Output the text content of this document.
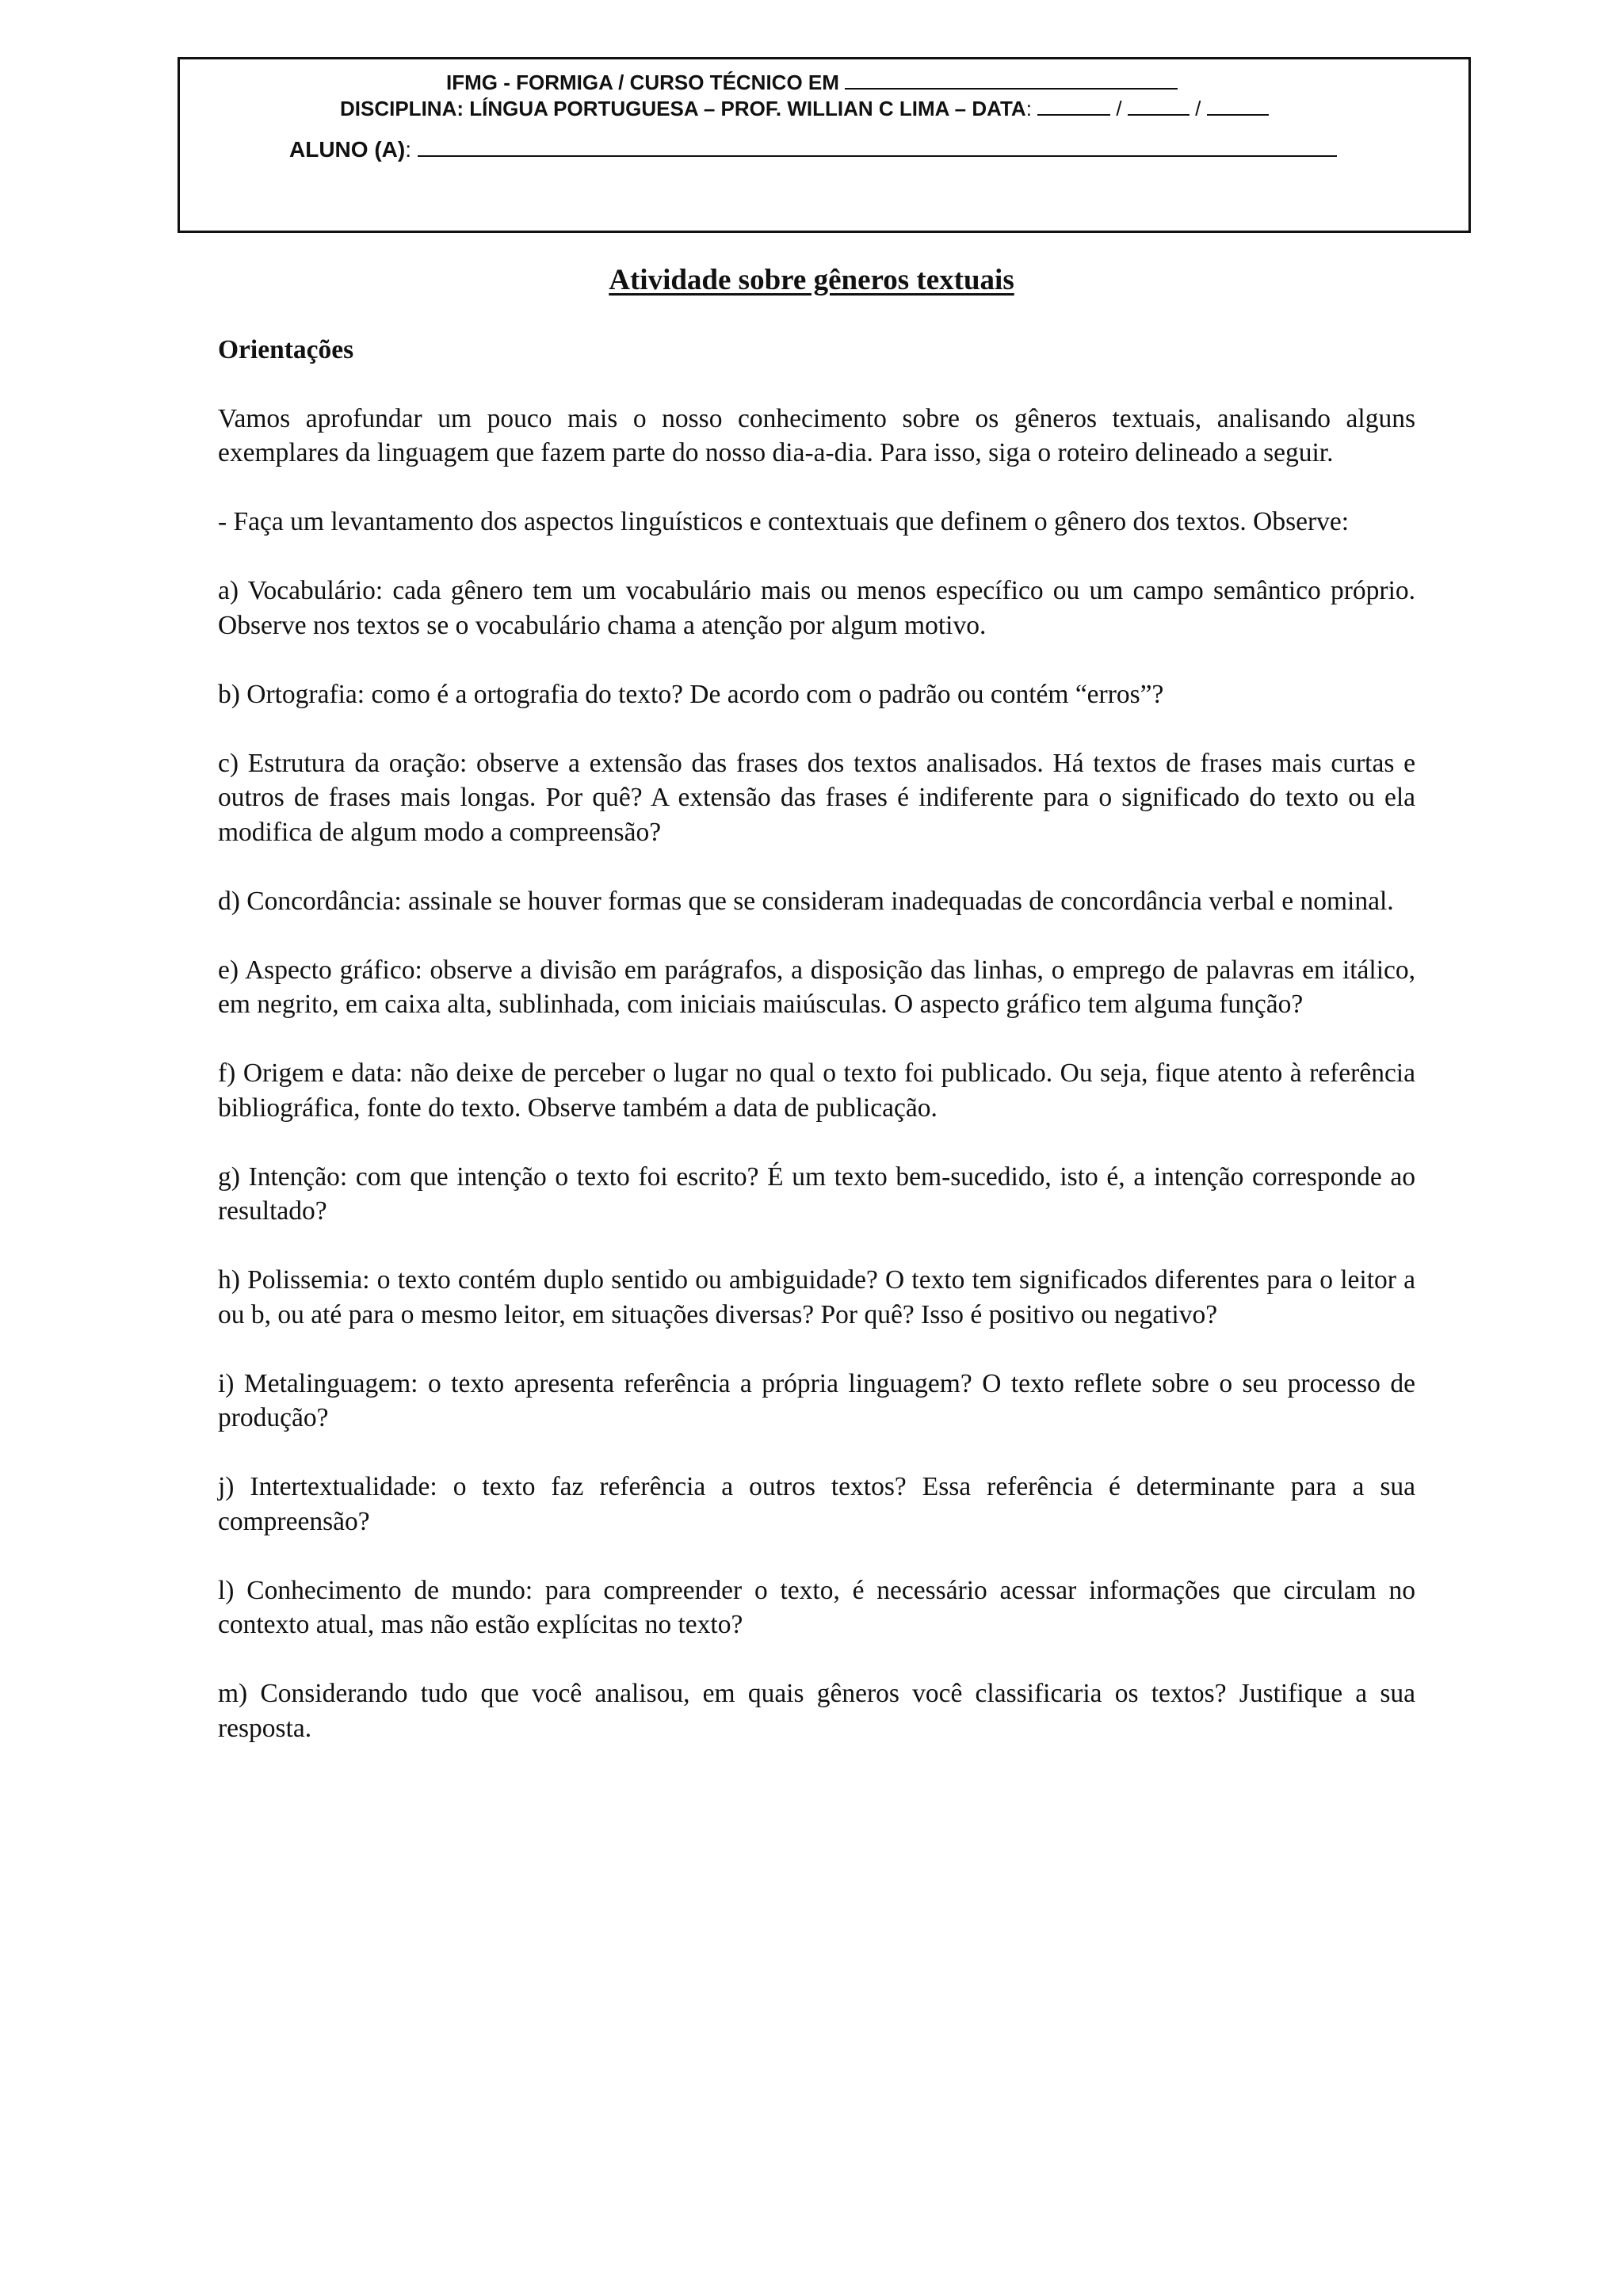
IFMG - FORMIGA / CURSO TÉCNICO EM
DISCIPLINA: LÍNGUA PORTUGUESA – PROF. WILLIAN C LIMA – DATA:	/	/
ALUNO (A):
Atividade sobre gêneros textuais

Orientações

Vamos aprofundar um pouco mais o nosso conhecimento sobre os gêneros textuais, analisando alguns exemplares da linguagem que fazem parte do nosso dia-a-dia. Para isso, siga o roteiro delineado a seguir.

- Faça um levantamento dos aspectos linguísticos e contextuais que definem o gênero dos textos. Observe:

a) Vocabulário: cada gênero tem um vocabulário mais ou menos específico ou um campo semântico próprio. Observe nos textos se o vocabulário chama a atenção por algum motivo.

b) Ortografia: como é a ortografia do texto? De acordo com o padrão ou contém “erros”?

c) Estrutura da oração: observe a extensão das frases dos textos analisados. Há textos de frases mais curtas e outros de frases mais longas. Por quê? A extensão das frases é indiferente para o significado do texto ou ela modifica de algum modo a compreensão?

d) Concordância: assinale se houver formas que se consideram inadequadas de concordância verbal e nominal.

e) Aspecto gráfico: observe a divisão em parágrafos, a disposição das linhas, o emprego de palavras em itálico, em negrito, em caixa alta, sublinhada, com iniciais maiúsculas. O aspecto gráfico tem alguma função?

f) Origem e data: não deixe de perceber o lugar no qual o texto foi publicado. Ou seja, fique atento à referência bibliográfica, fonte do texto. Observe também a data de publicação.

g) Intenção: com que intenção o texto foi escrito? É um texto bem-sucedido, isto é, a intenção corresponde ao resultado?

h) Polissemia: o texto contém duplo sentido ou ambiguidade? O texto tem significados diferentes para o leitor a ou b, ou até para o mesmo leitor, em situações diversas? Por quê? Isso é positivo ou negativo?

i) Metalinguagem: o texto apresenta referência a própria linguagem? O texto reflete sobre o seu processo de produção?

j) Intertextualidade: o texto faz referência a outros textos? Essa referência é determinante para a sua compreensão?

l) Conhecimento de mundo: para compreender o texto, é necessário acessar informações que circulam no contexto atual, mas não estão explícitas no texto?

m) Considerando tudo que você analisou, em quais gêneros você classificaria os textos? Justifique a sua resposta.
